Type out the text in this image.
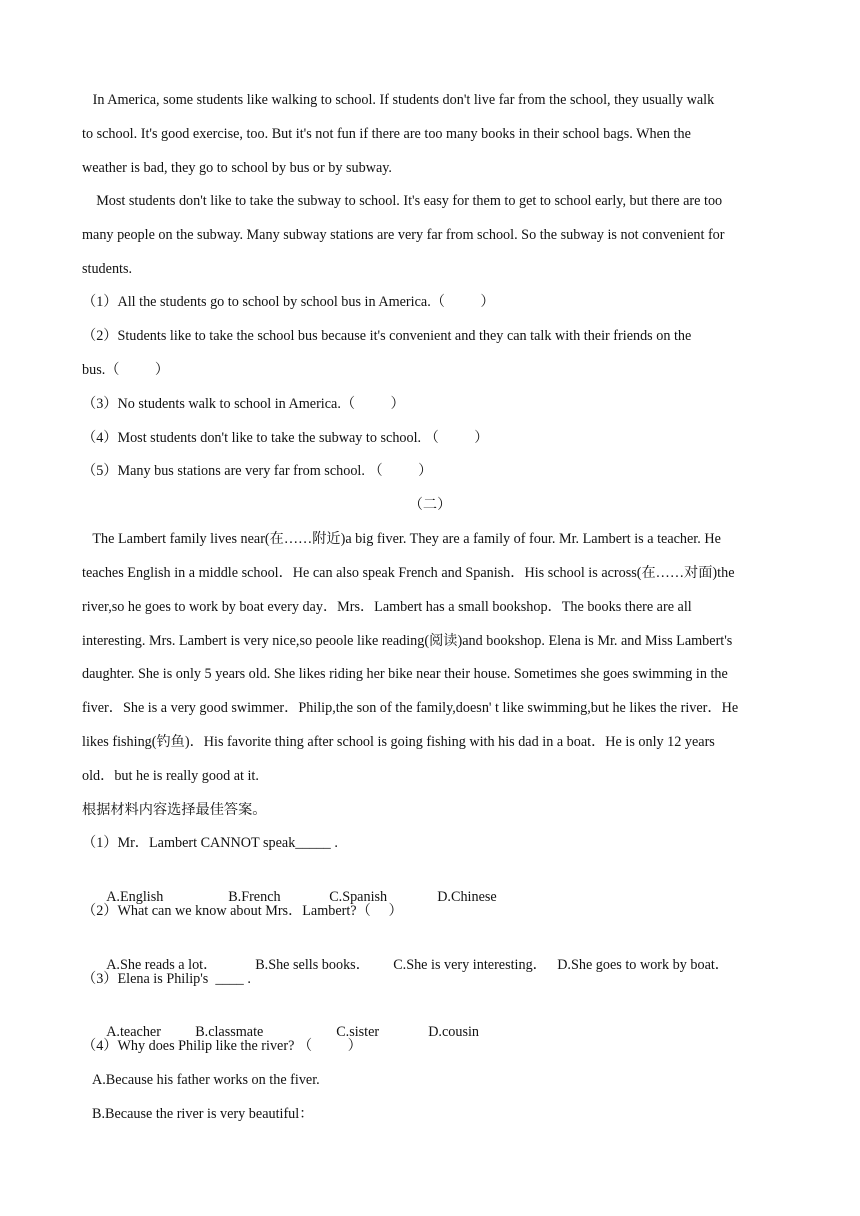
In America, some students like walking to school. If students don't live far from the school, they usually walk
to school. It's good exercise, too. But it's not fun if there are too many books in their school bags. When the
weather is bad, they go to school by bus or by subway.
Most students don't like to take the subway to school. It's easy for them to get to school early, but there are too
many people on the subway. Many subway stations are very far from school. So the subway is not convenient for
students.
（1）All the students go to school by school bus in America.（          ）
（2）Students like to take the school bus because it's convenient and they can talk with their friends on the
bus.（          ）
（3）No students walk to school in America.（          ）
（4）Most students don't like to take the subway to school. （          ）
（5）Many bus stations are very far from school. （          ）
（二）
The Lambert family lives near(在……附近)a big fiver. They are a family of four. Mr. Lambert is a teacher. He
teaches English in a middle school．He can also speak French and Spanish．His school is across(在……对面)the
river,so he goes to work by boat every day．Mrs．Lambert has a small bookshop．The books there are all
interesting. Mrs. Lambert is very nice,so peoole like reading(阅读)and bookshop. Elena is Mr. and Miss Lambert's
daughter. She is only 5 years old. She likes riding her bike near their house. Sometimes she goes swimming in the
fiver．She is a very good swimmer．Philip,the son of the family,doesn' t like swimming,but he likes the river．He
likes fishing(钓鱼)．His favorite thing after school is going fishing with his dad in a boat．He is only 12 years
old．but he is really good at it.
根据材料内容选择最佳答案。
（1）Mr．Lambert CANNOT speak_____ .

A.English	B.French	C.Spanish	D.Chinese

（2）What can we know about Mrs．Lambert?（     ）

A.She reads a lot．	B.She sells books． C.She is very interesting． D.She goes to work by boat．

（3）Elena is Philip's  ____ .

A.teacher B.classmate	C.sister	D.cousin

（4）Why does Philip like the river? （          ）
A.Because his father works on the fiver.
B.Because the river is very beautiful：
